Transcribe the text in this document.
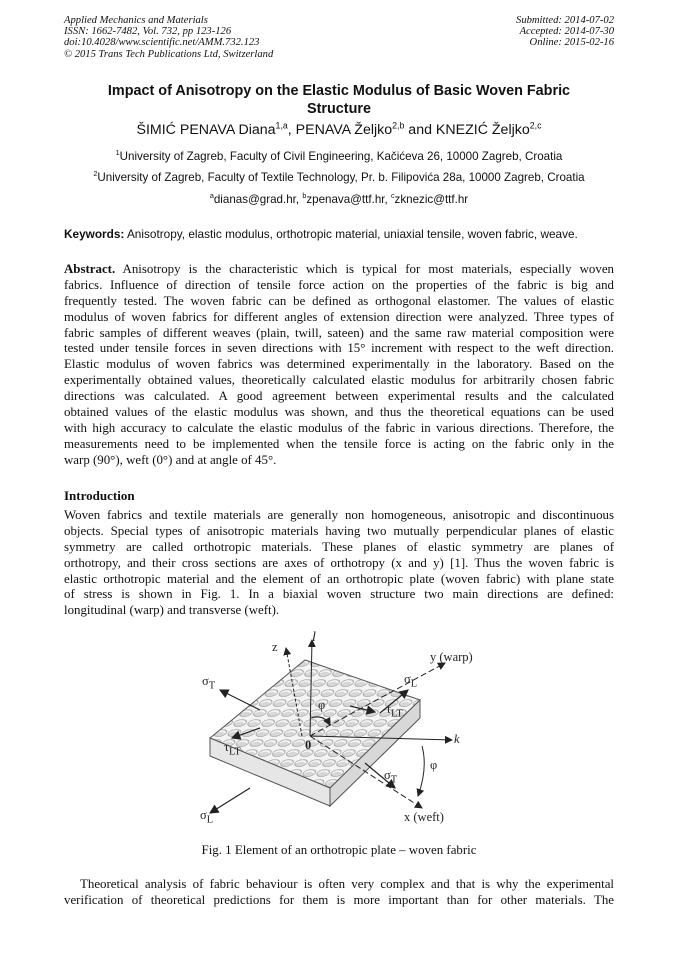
Applied Mechanics and Materials
ISSN: 1662-7482, Vol. 732, pp 123-126
doi:10.4028/www.scientific.net/AMM.732.123
© 2015 Trans Tech Publications Ltd, Switzerland
Submitted: 2014-07-02
Accepted: 2014-07-30
Online: 2015-02-16
Impact of Anisotropy on the Elastic Modulus of Basic Woven Fabric
Structure
ŠIMIĆ PENAVA Diana$^{1,a}$, PENAVA Željko$^{2,b}$ and KNEZIĆ Željko$^{2,c}$
$^1$University of Zagreb, Faculty of Civil Engineering, Kačićeva 26, 10000 Zagreb, Croatia
$^2$University of Zagreb, Faculty of Textile Technology, Pr. b. Filipovića 28a, 10000 Zagreb, Croatia
$^a$dianas@grad.hr, $^b$zpenava@ttf.hr, $^c$zknezic@ttf.hr
Keywords: Anisotropy, elastic modulus, orthotropic material, uniaxial tensile, woven fabric, weave.
Abstract. Anisotropy is the characteristic which is typical for most materials, especially woven
fabrics. Influence of direction of tensile force action on the properties of the fabric is big and
frequently tested. The woven fabric can be defined as orthogonal elastomer. The values of elastic
modulus of woven fabrics for different angles of extension direction were analyzed. Three types of
fabric samples of different weaves (plain, twill, sateen) and the same raw material composition were
tested under tensile forces in seven directions with 15° increment with respect to the weft direction.
Elastic modulus of woven fabrics was determined experimentally in the laboratory. Based on the
experimentally obtained values, theoretically calculated elastic modulus for arbitrarily chosen fabric
directions was calculated. A good agreement between experimental results and the calculated
obtained values of the elastic modulus was shown, and thus the theoretical equations can be used
with high accuracy to calculate the elastic modulus of the fabric in various directions. Therefore, the
measurements need to be implemented when the tensile force is acting on the fabric only in the
warp (90°), weft (0°) and at angle of 45°.
Introduction
Woven fabrics and textile materials are generally non homogeneous, anisotropic and discontinuous
objects. Special types of anisotropic materials having two mutually perpendicular planes of elastic
symmetry are called orthotropic materials. These planes of elastic symmetry are planes of
orthotropy, and their cross sections are axes of orthotropy (x and y) [1]. Thus the woven fabric is
elastic orthotropic material and the element of an orthotropic plate (woven fabric) with plane state
of stress is shown in Fig. 1. In a biaxial woven structure two main directions are defined:
longitudinal (warp) and transverse (weft).
z
l
y (warp)
x (weft)
k
0
φ
φ
$\sigma_T$	$\sigma_L$
$\sigma_L$
$\sigma_T$
$\tau_{LT}$
$\tau_{LT}$
Fig. 1 Element of an orthotropic plate – woven fabric
Theoretical analysis of fabric behaviour is often very complex and that is why the experimental
verification of theoretical predictions for them is more important than for other materials. The
